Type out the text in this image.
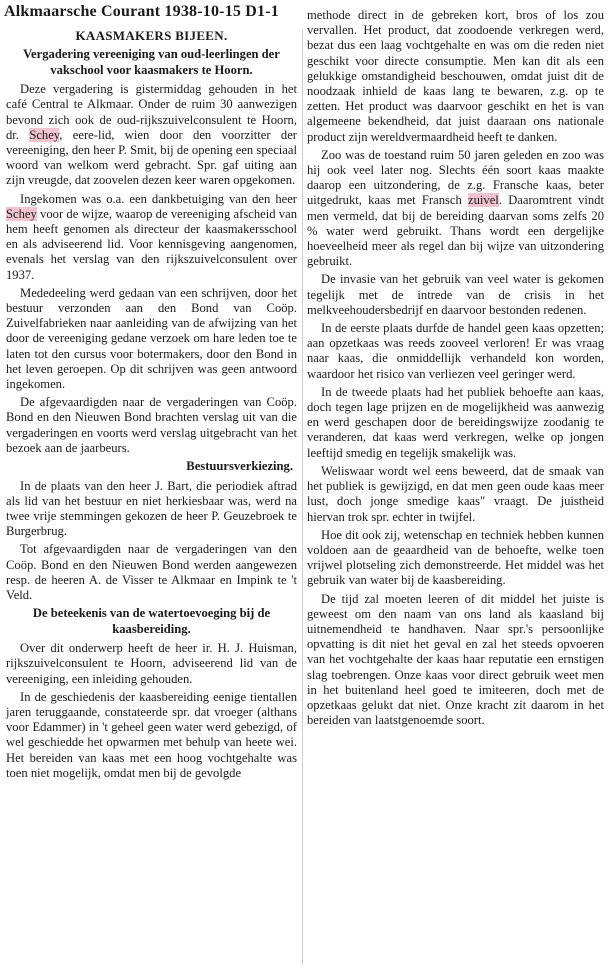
Alkmaarsche Courant 1938-10-15 D1-1
KAASMAKERS BIJEEN.
Vergadering vereeniging van oud-leerlingen der vakschool voor kaasmakers te Hoorn.

Deze vergadering is gistermiddag gehouden in het café Central te Alkmaar. Onder de ruim 30 aanwezigen bevond zich ook de oud-rijkszuivelconsulent te Hoorn, dr. Schey, eere-lid, wien door den voorzitter der vereeniging, den heer P. Smit, bij de opening een speciaal woord van welkom werd gebracht. Spr. gaf uiting aan zijn vreugde, dat zoovelen dezen keer waren opgekomen.

Ingekomen was o.a. een dankbetuiging van den heer Schey voor de wijze, waarop de vereeniging afscheid van hem heeft genomen als directeur der kaasmakersschool en als adviseerend lid. Voor kennisgeving aangenomen, evenals het verslag van den rijkszuivelconsulent over 1937.

Mededeeling werd gedaan van een schrijven, door het bestuur verzonden aan den Bond van Coöp. Zuivelfabrieken naar aanleiding van de afwijzing van het door de vereeniging gedane verzoek om hare leden toe te laten tot den cursus voor botermakers, door den Bond in het leven geroepen. Op dit schrijven was geen antwoord ingekomen.

De afgevaardigden naar de vergaderingen van Coöp. Bond en den Nieuwen Bond brachten verslag uit van die vergaderingen en voorts werd verslag uitgebracht van het bezoek aan de jaarbeurs.

Bestuursverkiezing.

In de plaats van den heer J. Bart, die periodiek aftrad als lid van het bestuur en niet herkiesbaar was, werd na twee vrije stemmingen gekozen de heer P. Geuzebroek te Burgerbrug.

Tot afgevaardigden naar de vergaderingen van den Coöp. Bond en den Nieuwen Bond werden aangewezen resp. de heeren A. de Visser te Alkmaar en Impink te 't Veld.

De beteekenis van de watertoevoeging bij de kaasbereiding.

Over dit onderwerp heeft de heer ir. H. J. Huisman, rijkszuivelconsulent te Hoorn, adviseerend lid van de vereeniging, een inleiding gehouden.

In de geschiedenis der kaasbereiding eenige tientallen jaren teruggaande, constateerde spr. dat vroeger (althans voor Edammer) in 't geheel geen water werd gebezigd, of wel geschiedde het opwarmen met behulp van heete wei. Het bereiden van kaas met een hoog vochtgehalte was toen niet mogelijk, omdat men bij de gevolgde

methode direct in de gebreken kort, bros of los zou vervallen. Het product, dat zoodoende verkregen werd, bezat dus een laag vochtgehalte en was om die reden niet geschikt voor directe consumptie. Men kan dit als een gelukkige omstandigheid beschouwen, omdat juist dit de noodzaak inhield de kaas lang te bewaren, z.g. op te zetten. Het product was daarvoor geschikt en het is van algemeene bekendheid, dat juist daaraan ons nationale product zijn wereldvermaardheid heeft te danken.

Zoo was de toestand ruim 50 jaren geleden en zoo was hij ook veel later nog. Slechts één soort kaas maakte daarop een uitzondering, de z.g. Fransche kaas, beter uitgedrukt, kaas met Fransch zuivel. Daaromtrent vindt men vermeld, dat bij de bereiding daarvan soms zelfs 20 % water werd gebruikt. Thans wordt een dergelijke hoeveelheid meer als regel dan bij wijze van uitzondering gebruikt.

De invasie van het gebruik van veel water is gekomen tegelijk met de intrede van de crisis in het melkveehoudersbedrijf en daarvoor bestonden redenen.

In de eerste plaats durfde de handel geen kaas opzetten; aan opzetkaas was reeds zooveel verloren! Er was vraag naar kaas, die onmiddellijk verhandeld kon worden, waardoor het risico van verliezen veel geringer werd.

In de tweede plaats had het publiek behoefte aan kaas, doch tegen lage prijzen en de mogelijkheid was aanwezig en werd geschapen door de bereidingswijze zoodanig te veranderen, dat kaas werd verkregen, welke op jongen leeftijd smedig en tegelijk smakelijk was.

Weliswaar wordt wel eens beweerd, dat de smaak van het publiek is gewijzigd, en dat men geen oude kaas meer lust, doch jonge smedige kaas" vraagt. De juistheid hiervan trok spr. echter in twijfel.

Hoe dit ook zij, wetenschap en techniek hebben kunnen voldoen aan de geaardheid van de behoefte, welke toen vrijwel plotseling zich demonstreerde. Het middel was het gebruik van water bij de kaasbereiding.

De tijd zal moeten leeren of dit middel het juiste is geweest om den naam van ons land als kaasland bij uitnemendheid te handhaven. Naar spr.'s persoonlijke opvatting is dit niet het geval en zal het steeds opvoeren van het vochtgehalte der kaas haar reputatie een ernstigen slag toebrengen. Onze kaas voor direct gebruik weet men in het buitenland heel goed te imiteeren, doch met de opzetkaas gelukt dat niet. Onze kracht zit daarom in het bereiden van laatstgenoemde soort.
